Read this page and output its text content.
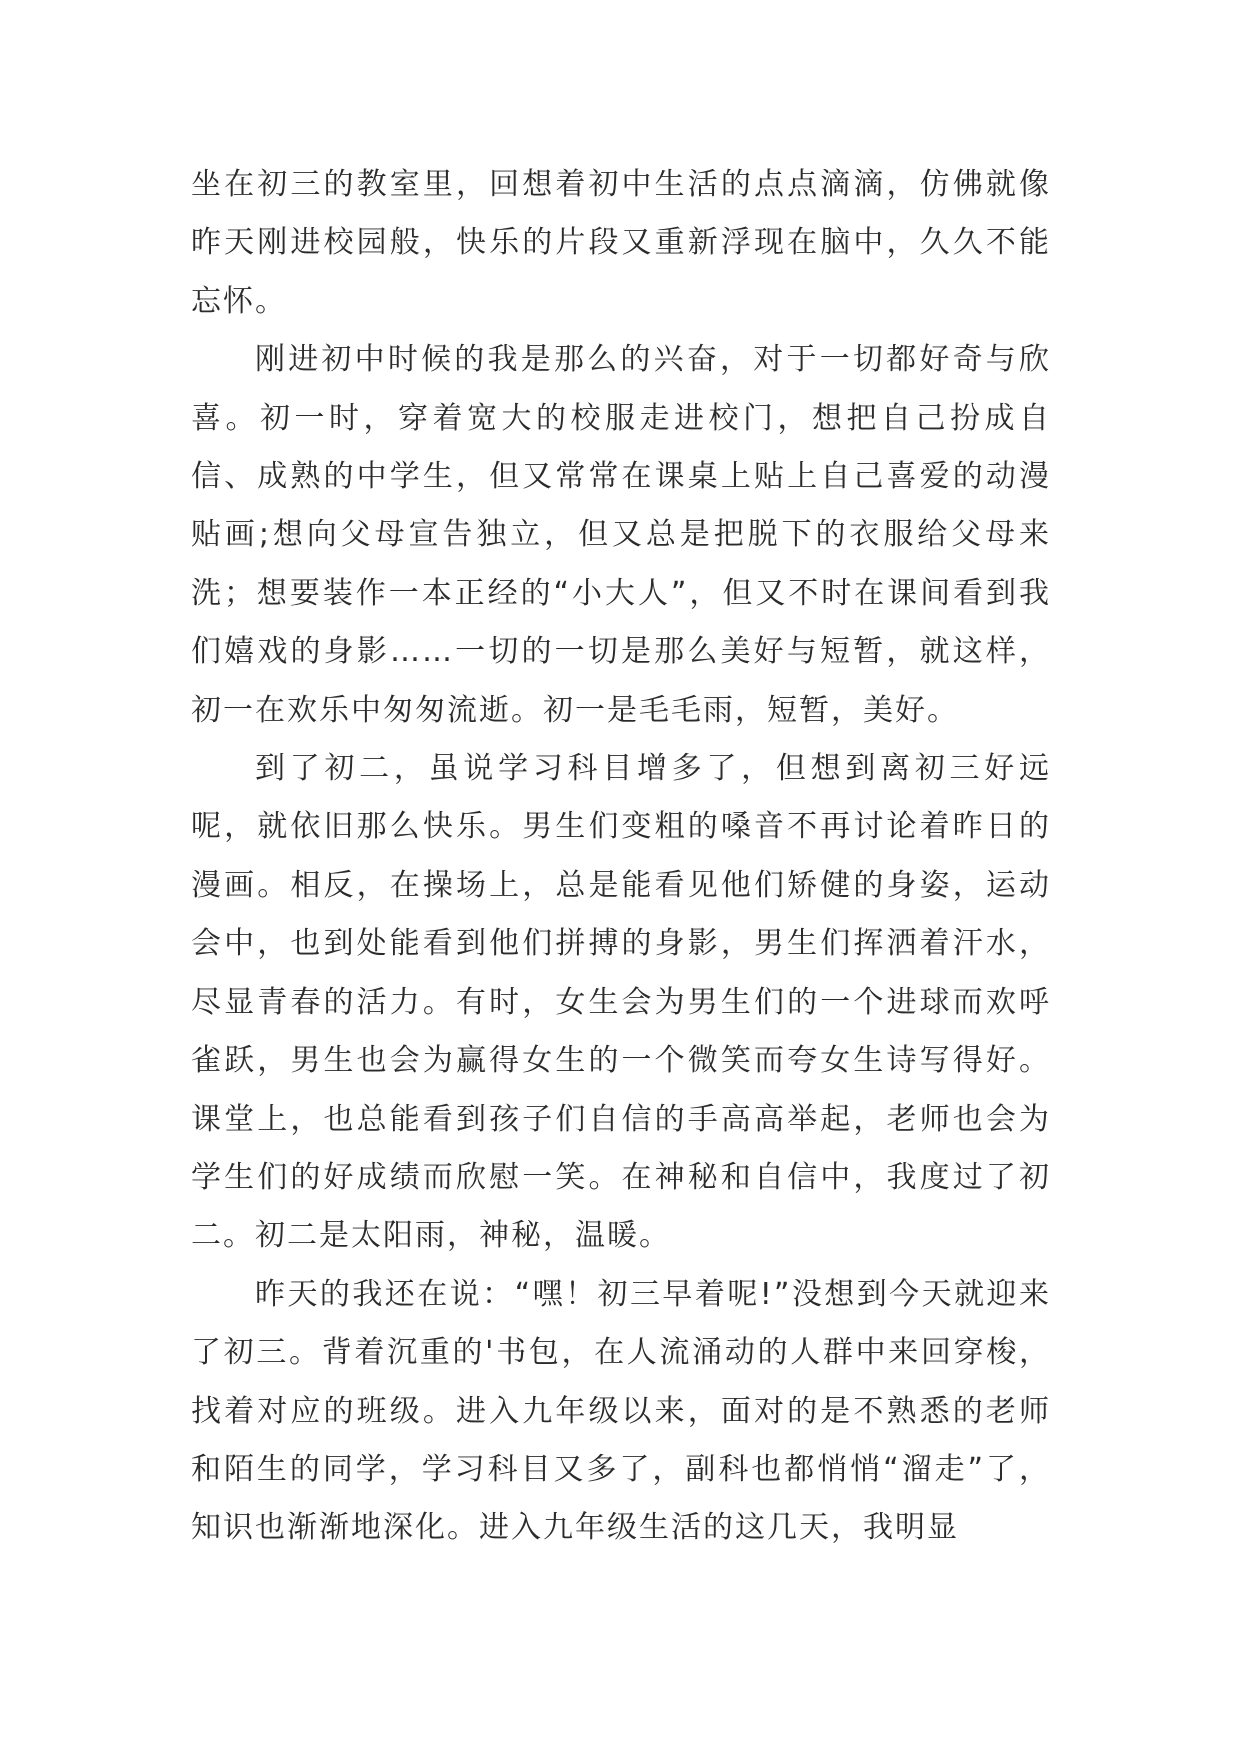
坐在初三的教室里，回想着初中生活的点点滴滴，仿佛就像昨天刚进校园般，快乐的片段又重新浮现在脑中，久久不能忘怀。

刚进初中时候的我是那么的兴奋，对于一切都好奇与欣喜。初一时，穿着宽大的校服走进校门，想把自己扮成自信、成熟的中学生，但又常常在课桌上贴上自己喜爱的动漫贴画;想向父母宣告独立，但又总是把脱下的衣服给父母来洗；想要装作一本正经的“小大人”，但又不时在课间看到我们嬉戏的身影……一切的一切是那么美好与短暂，就这样，初一在欢乐中匆匆流逝。初一是毛毛雨，短暂，美好。

到了初二，虽说学习科目增多了，但想到离初三好远呢，就依旧那么快乐。男生们变粗的嗓音不再讨论着昨日的漫画。相反，在操场上，总是能看见他们矫健的身姿，运动会中，也到处能看到他们拼搏的身影，男生们挥洒着汗水，尽显青春的活力。有时，女生会为男生们的一个进球而欢呼雀跃，男生也会为赢得女生的一个微笑而夸女生诗写得好。课堂上，也总能看到孩子们自信的手高高举起，老师也会为学生们的好成绩而欣慰一笑。在神秘和自信中，我度过了初二。初二是太阳雨，神秘，温暖。

昨天的我还在说：“嘿！初三早着呢!”没想到今天就迎来了初三。背着沉重的'书包，在人流涌动的人群中来回穿梭，找着对应的班级。进入九年级以来，面对的是不熟悉的老师和陌生的同学，学习科目又多了，副科也都悄悄“溜走”了，知识也渐渐地深化。进入九年级生活的这几天，我明显
